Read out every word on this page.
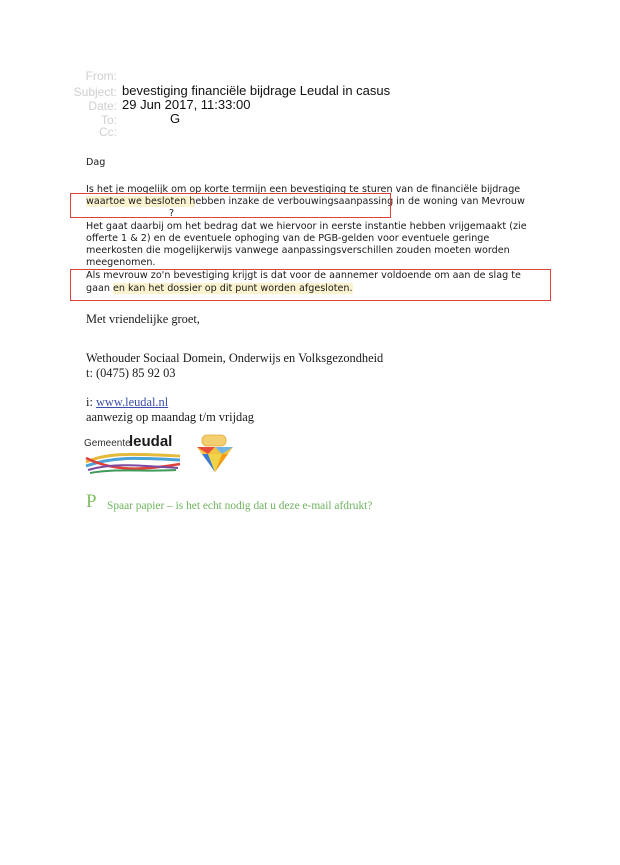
From:
Subject: bevestiging financiële bijdrage Leudal in casus
Date: 29 Jun 2017, 11:33:00
To:	G
Cc:
Dag
Is het je mogelijk om op korte termijn een bevestiging te sturen van de financiële bijdrage
waartoe we besloten hebben inzake de verbouwingsaanpassing in de woning van Mevrouw
?
Het gaat daarbij om het bedrag dat we hiervoor in eerste instantie hebben vrijgemaakt (zie
offerte 1 & 2) en de eventuele ophoging van de PGB-gelden voor eventuele geringe
meerkosten die mogelijkerwijs vanwege aanpassingsverschillen zouden moeten worden
meegenomen.
Als mevrouw zo'n bevestiging krijgt is dat voor de aannemer voldoende om aan de slag te
gaan en kan het dossier op dit punt worden afgesloten.
Met vriendelijke groet,
Wethouder Sociaal Domein, Onderwijs en Volksgezondheid
t: (0475) 85 92 03
i: www.leudal.nl
aanwezig op maandag t/m vrijdag
Gemeente
leudal
P Spaar papier – is het echt nodig dat u deze e-mail afdrukt?
